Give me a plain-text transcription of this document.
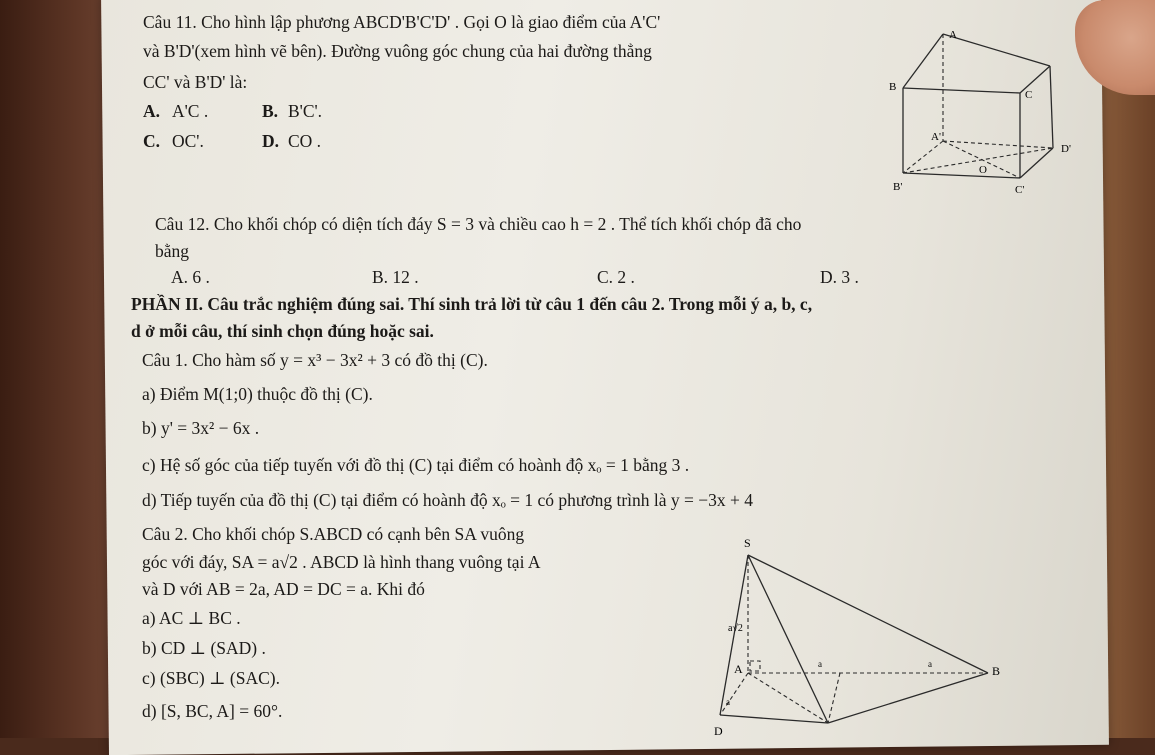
Câu 11. Cho hình lập phương ABCD'B'C'D' . Gọi O là giao điểm của A'C'
và B'D'(xem hình vẽ bên). Đường vuông góc chung của hai đường thẳng
CC' và B'D' là:
A. A'C .	B. B'C'.
C. OC'.	D. CO .
A
B
C
A'
D'
O
B'	C'
Câu 12. Cho khối chóp có diện tích đáy S = 3 và chiều cao h = 2 . Thể tích khối chóp đã cho
bằng
A. 6 .	B. 12 .	C. 2 .	D. 3 .
PHẦN II. Câu trắc nghiệm đúng sai. Thí sinh trả lời từ câu 1 đến câu 2. Trong mỗi ý a, b, c,
d ở mỗi câu, thí sinh chọn đúng hoặc sai.
Câu 1. Cho hàm số y = x³ − 3x² + 3 có đồ thị (C).
a) Điểm M(1;0) thuộc đồ thị (C).
b) y' = 3x² − 6x .
c) Hệ số góc của tiếp tuyến với đồ thị (C) tại điểm có hoành độ xₒ = 1 bằng 3 .
d) Tiếp tuyến của đồ thị (C) tại điểm có hoành độ xₒ = 1 có phương trình là y = −3x + 4
Câu 2. Cho khối chóp S.ABCD có cạnh bên SA vuông
góc với đáy, SA = a√2 . ABCD là hình thang vuông tại A
và D với AB = 2a, AD = DC = a. Khi đó
a) AC ⊥ BC .
b) CD ⊥ (SAD) .
c) (SBC) ⊥ (SAC).
d) [S, BC, A] = 60°.
S
a√2
A	a	a
a
B
D
